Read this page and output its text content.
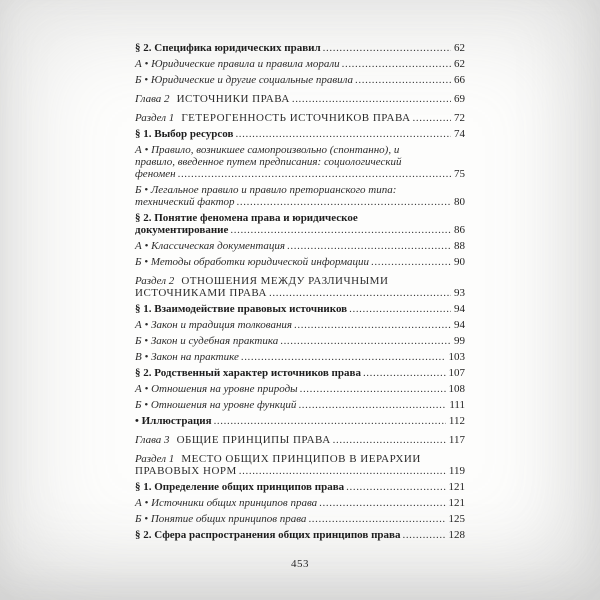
§ 2. Специфика юридических правил .....	62
А • Юридические правила и правила морали .....	62
Б • Юридические и другие социальные правила .....	66
Глава 2 ИСТОЧНИКИ ПРАВА .....	69
Раздел 1 ГЕТЕРОГЕННОСТЬ ИСТОЧНИКОВ ПРАВА .....	72
§ 1. Выбор ресурсов .....	74
А • Правило, возникшее самопроизвольно (спонтанно), и
правило, введенное путем предписания: социологический
феномен .....	75
Б • Легальное правило и правило преторианского типа:
технический фактор .....	80
§ 2. Понятие феномена права и юридическое
документирование .....	86
А • Классическая документация .....	88
Б • Методы обработки юридической информации .....	90
Раздел 2 ОТНОШЕНИЯ МЕЖДУ РАЗЛИЧНЫМИ
ИСТОЧНИКАМИ ПРАВА .....	93
§ 1. Взаимодействие правовых источников .....	94
А • Закон и традиция толкования .....	94
Б • Закон и судебная практика .....	99
В • Закон на практике .....	103
§ 2. Родственный характер источников права .....	107
А • Отношения на уровне природы .....	108
Б • Отношения на уровне функций .....	111
• Иллюстрация .....	112
Глава 3 ОБЩИЕ ПРИНЦИПЫ ПРАВА .....	117
Раздел 1 МЕСТО ОБЩИХ ПРИНЦИПОВ В ИЕРАРХИИ
ПРАВОВЫХ НОРМ .....	119
§ 1. Определение общих принципов права .....	121
А • Источники общих принципов права .....	121
Б • Понятие общих принципов права .....	125
§ 2. Сфера распространения общих принципов права .....	128
453
